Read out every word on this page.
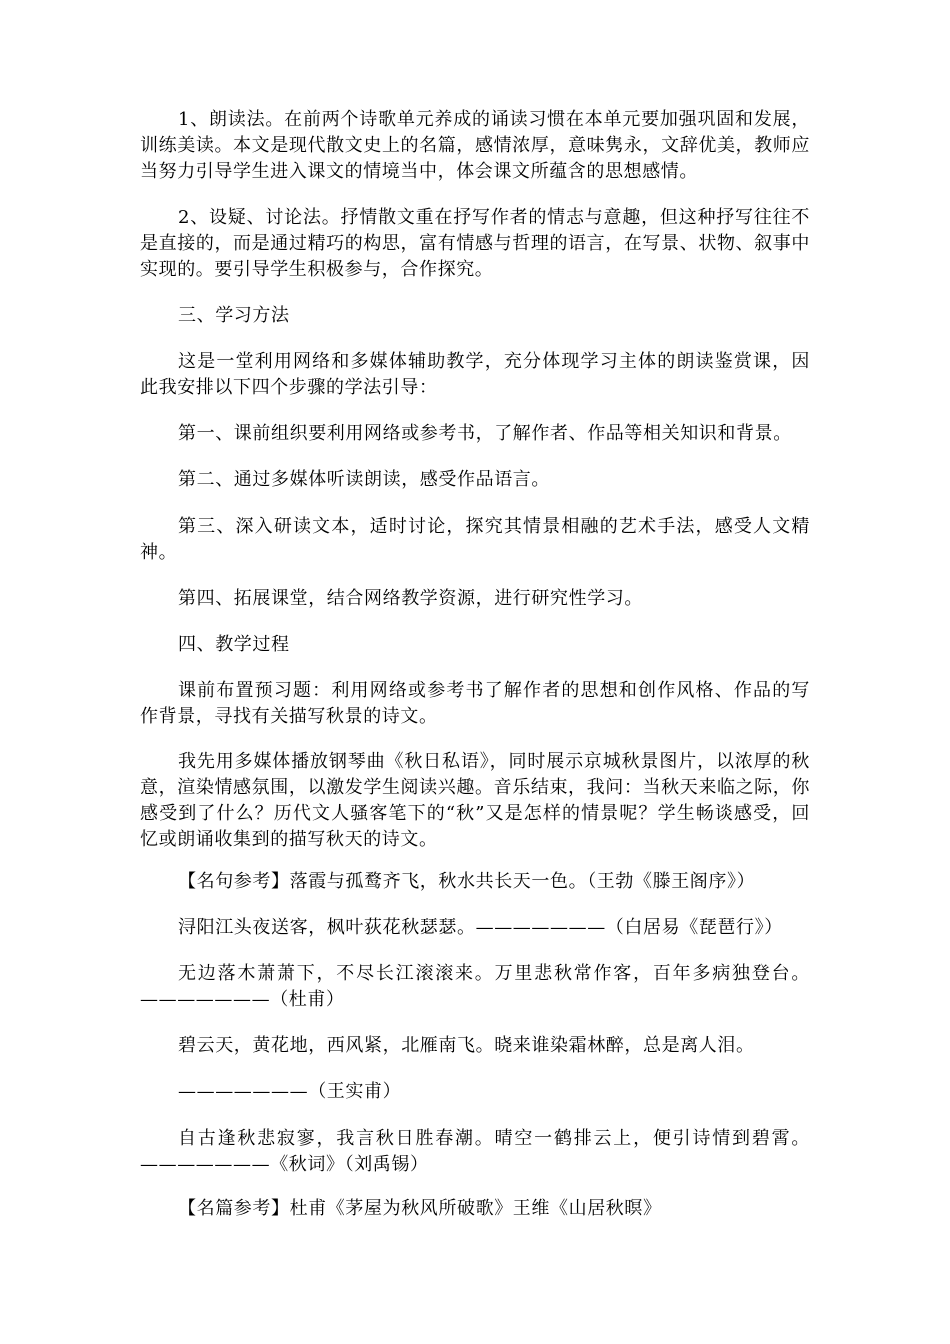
1、朗读法。在前两个诗歌单元养成的诵读习惯在本单元要加强巩固和发展，训练美读。本文是现代散文史上的名篇，感情浓厚，意味隽永，文辞优美，教师应当努力引导学生进入课文的情境当中，体会课文所蕴含的思想感情。

2、设疑、讨论法。抒情散文重在抒写作者的情志与意趣，但这种抒写往往不是直接的，而是通过精巧的构思，富有情感与哲理的语言，在写景、状物、叙事中实现的。要引导学生积极参与，合作探究。

三、学习方法

这是一堂利用网络和多媒体辅助教学，充分体现学习主体的朗读鉴赏课，因此我安排以下四个步骤的学法引导：

第一、课前组织要利用网络或参考书，了解作者、作品等相关知识和背景。

第二、通过多媒体听读朗读，感受作品语言。

第三、深入研读文本，适时讨论，探究其情景相融的艺术手法，感受人文精神。

第四、拓展课堂，结合网络教学资源，进行研究性学习。

四、教学过程

课前布置预习题：利用网络或参考书了解作者的思想和创作风格、作品的写作背景，寻找有关描写秋景的诗文。

我先用多媒体播放钢琴曲《秋日私语》，同时展示京城秋景图片，以浓厚的秋意，渲染情感氛围，以激发学生阅读兴趣。音乐结束，我问：当秋天来临之际，你感受到了什么？历代文人骚客笔下的“秋”又是怎样的情景呢？学生畅谈感受，回忆或朗诵收集到的描写秋天的诗文。

【名句参考】落霞与孤鹜齐飞，秋水共长天一色。（王勃《滕王阁序》）

浔阳江头夜送客，枫叶荻花秋瑟瑟。———————（白居易《琵琶行》）

无边落木萧萧下，不尽长江滚滚来。万里悲秋常作客，百年多病独登台。———————（杜甫）

碧云天，黄花地，西风紧，北雁南飞。晓来谁染霜林醉，总是离人泪。

———————（王实甫）

自古逢秋悲寂寥，我言秋日胜春潮。晴空一鹤排云上，便引诗情到碧霄。———————《秋词》（刘禹锡）

【名篇参考】杜甫《茅屋为秋风所破歌》王维《山居秋暝》
